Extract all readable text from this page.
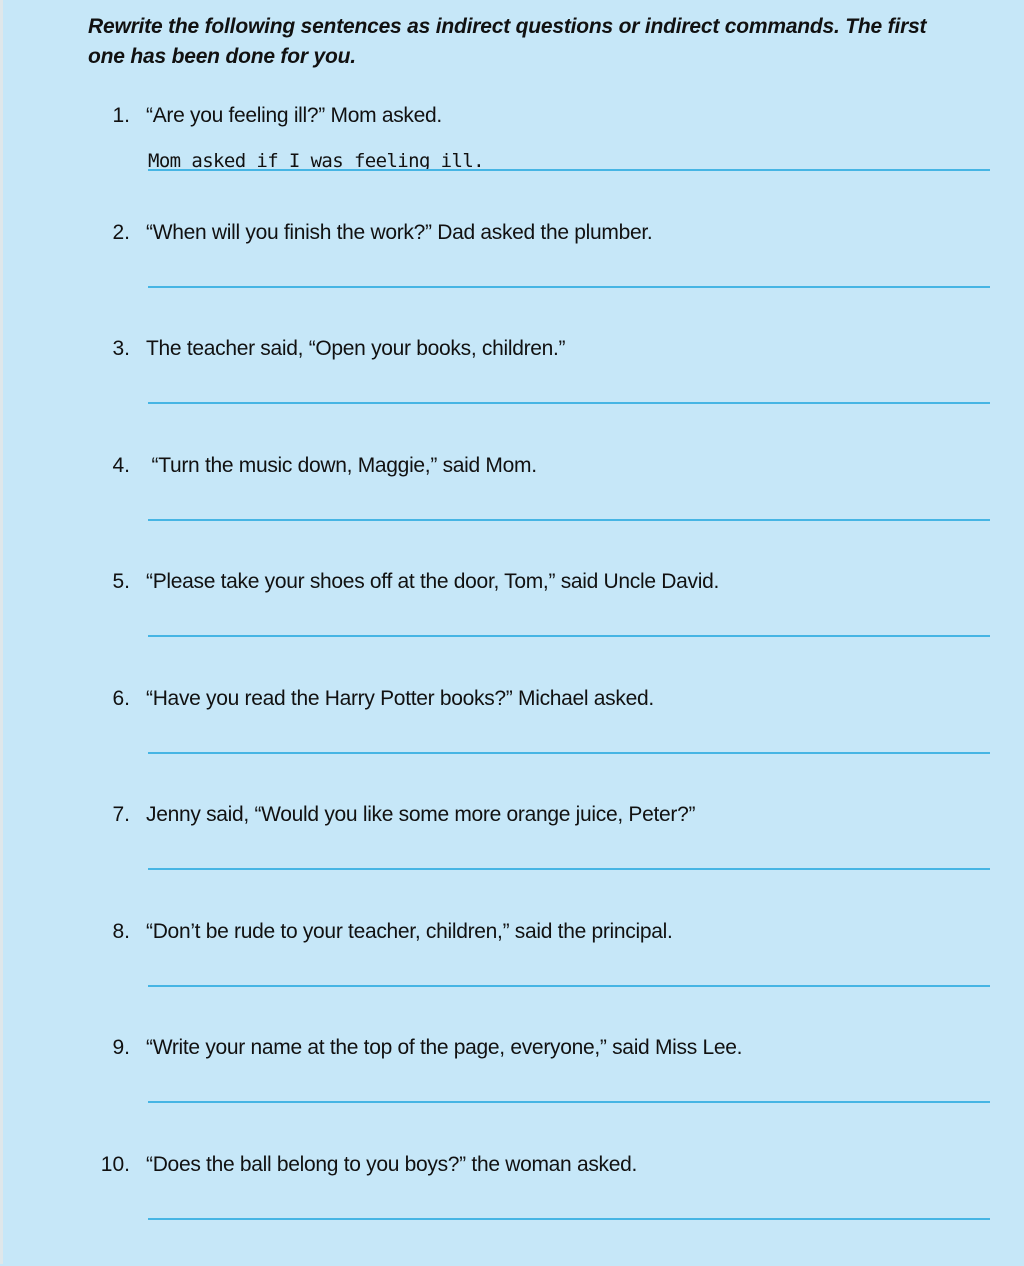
Rewrite the following sentences as indirect questions or indirect commands. The first
one has been done for you.
1. “Are you feeling ill?” Mom asked.
Mom asked if I was feeling ill.
2. “When will you finish the work?” Dad asked the plumber.
3. The teacher said, “Open your books, children.”
4. “Turn the music down, Maggie,” said Mom.
5. “Please take your shoes off at the door, Tom,” said Uncle David.
6. “Have you read the Harry Potter books?” Michael asked.
7. Jenny said, “Would you like some more orange juice, Peter?”
8. “Don’t be rude to your teacher, children,” said the principal.
9. “Write your name at the top of the page, everyone,” said Miss Lee.
10. “Does the ball belong to you boys?” the woman asked.
